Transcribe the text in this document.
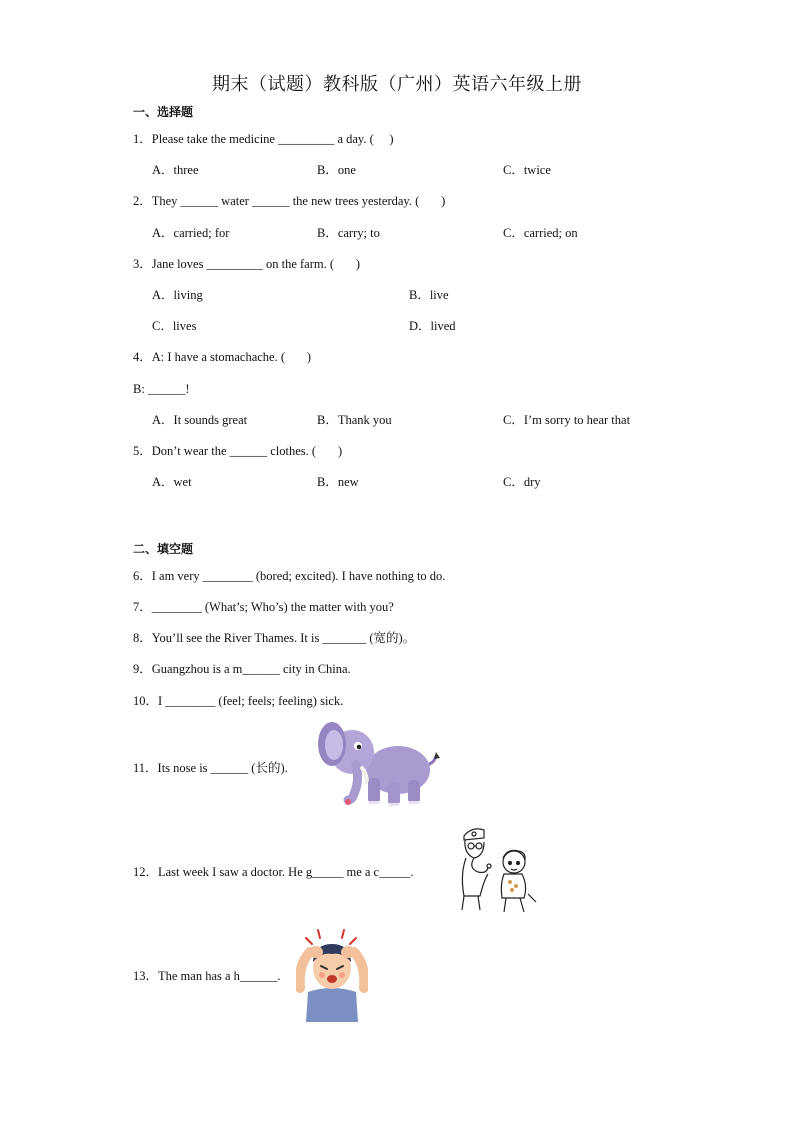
期末（试题）教科版（广州）英语六年级上册
一、选择题
1．Please take the medicine _________ a day. (     )
A．three	B．one	C．twice
2．They ______ water ______ the new trees yesterday. (       )
A．carried; for	B．carry; to	C．carried; on
3．Jane loves _________ on the farm. (       )
A．living	B．live
C．lives	D．lived
4．A: I have a stomachache. (       )
B: ______!
A．It sounds great	B．Thank you	C．I’m sorry to hear that
5．Don’t wear the ______ clothes. (       )
A．wet	B．new	C．dry
二、填空题
6．I am very ________ (bored; excited). I have nothing to do.
7．________ (What’s; Who’s) the matter with you?
8．You’ll see the River Thames. It is _______ (宽的)。
9．Guangzhou is a m______ city in China.
10．I ________ (feel; feels; feeling) sick.
11．Its nose is ______ (长的).
12．Last week I saw a doctor. He g_____ me a c_____.
13．The man has a h______.
